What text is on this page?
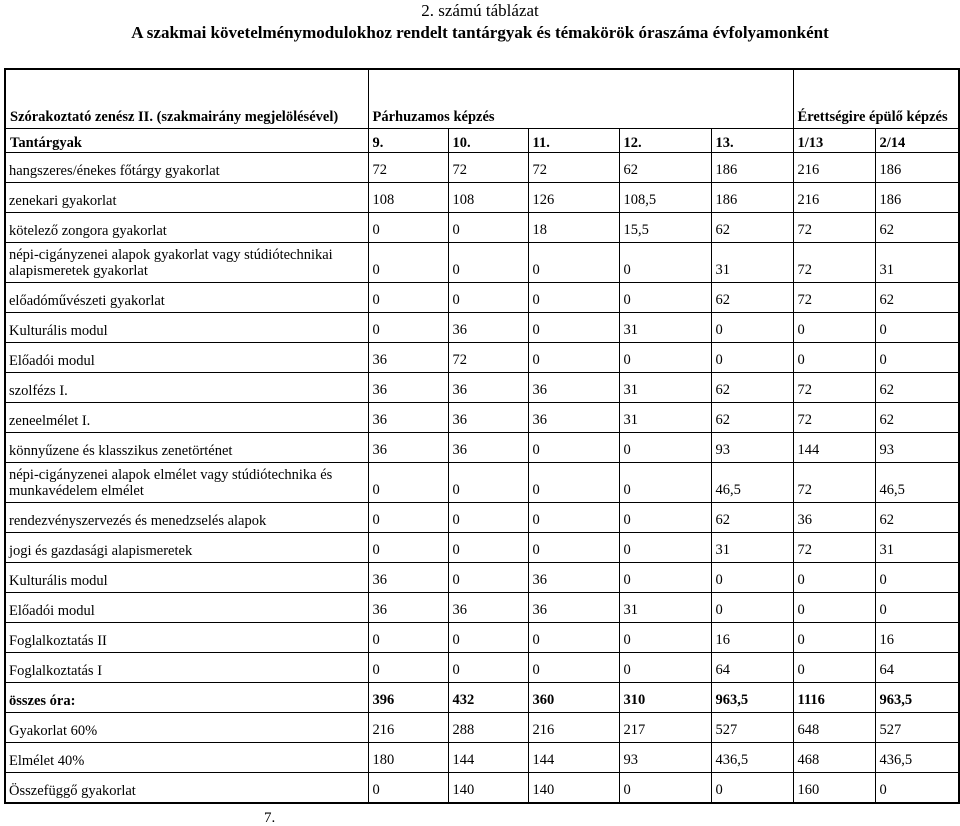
2. számú táblázat
A szakmai követelménymodulokhoz rendelt tantárgyak és témakörök óraszáma évfolyamonként
Szórakoztató zenész II. (szakmairány megjelölésével)	Párhuzamos képzés					Érettségire épülő képzés	
Tantárgyak	9.	10.	11.	12.	13.	1/13	2/14
hangszeres/énekes főtárgy gyakorlat	72	72	72	62	186	216	186
zenekari gyakorlat	108	108	126	108,5	186	216	186
kötelező zongora gyakorlat	0	0	18	15,5	62	72	62
népi-cigányzenei alapok gyakorlat vagy stúdiótechnikai alapismeretek gyakorlat	0	0	0	0	31	72	31
előadóművészeti gyakorlat	0	0	0	0	62	72	62
Kulturális modul	0	36	0	31	0	0	0
Előadói modul	36	72	0	0	0	0	0
szolfézs I.	36	36	36	31	62	72	62
zeneelmélet I.	36	36	36	31	62	72	62
könnyűzene és klasszikus zenetörténet	36	36	0	0	93	144	93
népi-cigányzenei alapok elmélet vagy stúdiótechnika és munkavédelem elmélet	0	0	0	0	46,5	72	46,5
rendezvényszervezés és menedzselés alapok	0	0	0	0	62	36	62
jogi és gazdasági alapismeretek	0	0	0	0	31	72	31
Kulturális modul	36	0	36	0	0	0	0
Előadói modul	36	36	36	31	0	0	0
Foglalkoztatás II	0	0	0	0	16	0	16
Foglalkoztatás I	0	0	0	0	64	0	64
összes óra:	396	432	360	310	963,5	1116	963,5
Gyakorlat 60%	216	288	216	217	527	648	527
Elmélet 40%	180	144	144	93	436,5	468	436,5
Összefüggő gyakorlat	0	140	140	0	0	160	0
7.
